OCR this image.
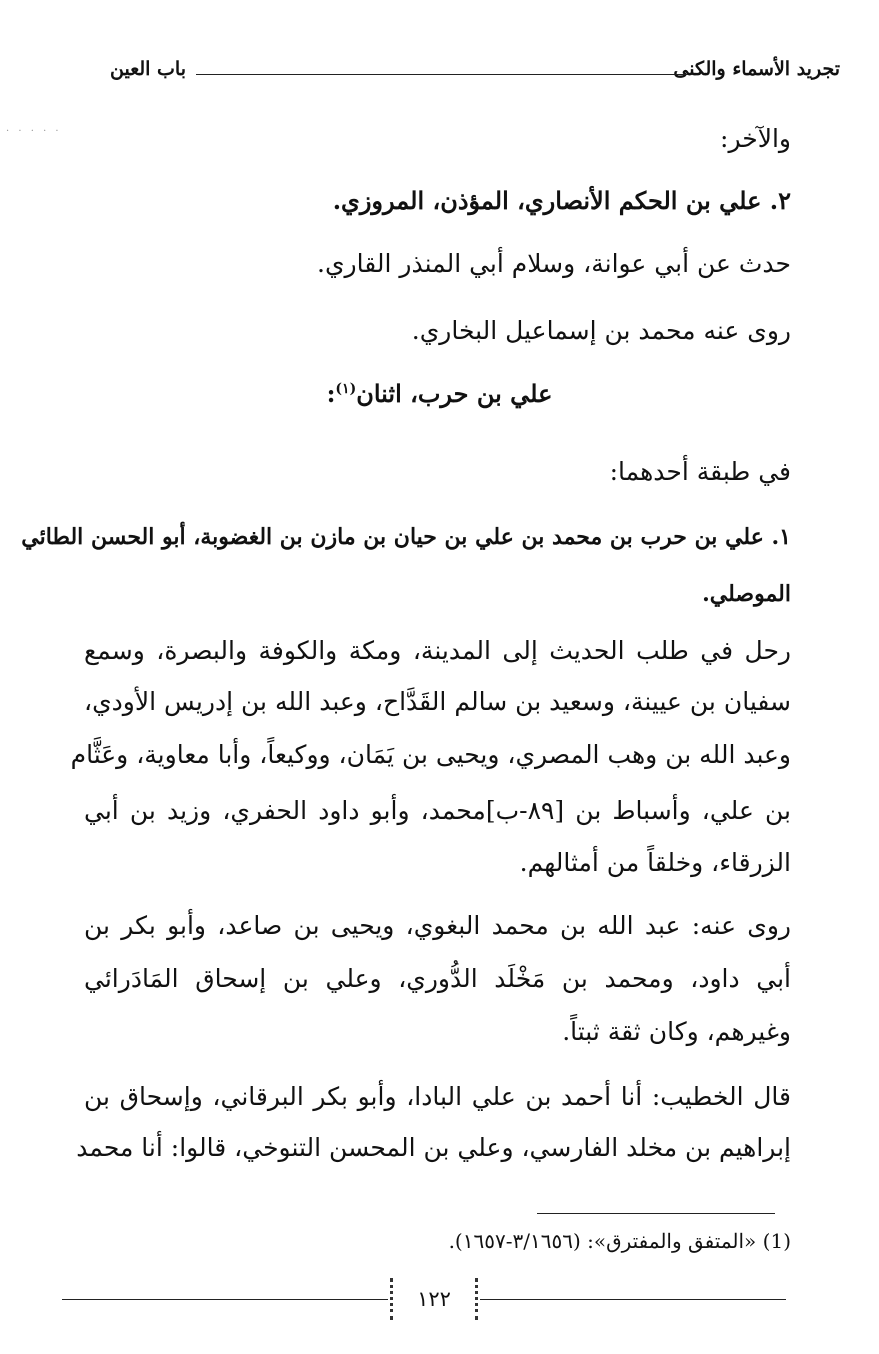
تجريد الأسماء والكنى
باب العين
· · · · ·	والآخر:
٢. علي بن الحكم الأنصاري، المؤذن، المروزي.
حدث عن أبي عوانة، وسلام أبي المنذر القاري.
روى عنه محمد بن إسماعيل البخاري.
علي بن حرب، اثنان$^{(١)}$:
في طبقة أحدهما:
١. علي بن حرب بن محمد بن علي بن حيان بن مازن بن الغضوبة، أبو الحسن الطائي
الموصلي.
رحل في طلب الحديث إلى المدينة، ومكة والكوفة والبصرة، وسمع
سفيان بن عيينة، وسعيد بن سالم القَدَّاح، وعبد الله بن إدريس الأودي،
وعبد الله بن وهب المصري، ويحيى بن يَمَان، ووكيعاً، وأبا معاوية، وعَثَّام
بن علي، وأسباط بن [٨٩-ب]محمد، وأبو داود الحفري، وزيد بن أبي
الزرقاء، وخلقاً من أمثالهم.
روى عنه: عبد الله بن محمد البغوي، ويحيى بن صاعد، وأبو بكر بن
أبي داود، ومحمد بن مَخْلَد الدُّوري، وعلي بن إسحاق المَادَرائي
وغيرهم، وكان ثقة ثبتاً.
قال الخطيب: أنا أحمد بن علي البادا، وأبو بكر البرقاني، وإسحاق بن
إبراهيم بن مخلد الفارسي، وعلي بن المحسن التنوخي، قالوا: أنا محمد
(1) «المتفق والمفترق»: (٣/١٦٥٦-١٦٥٧).
١٢٢
